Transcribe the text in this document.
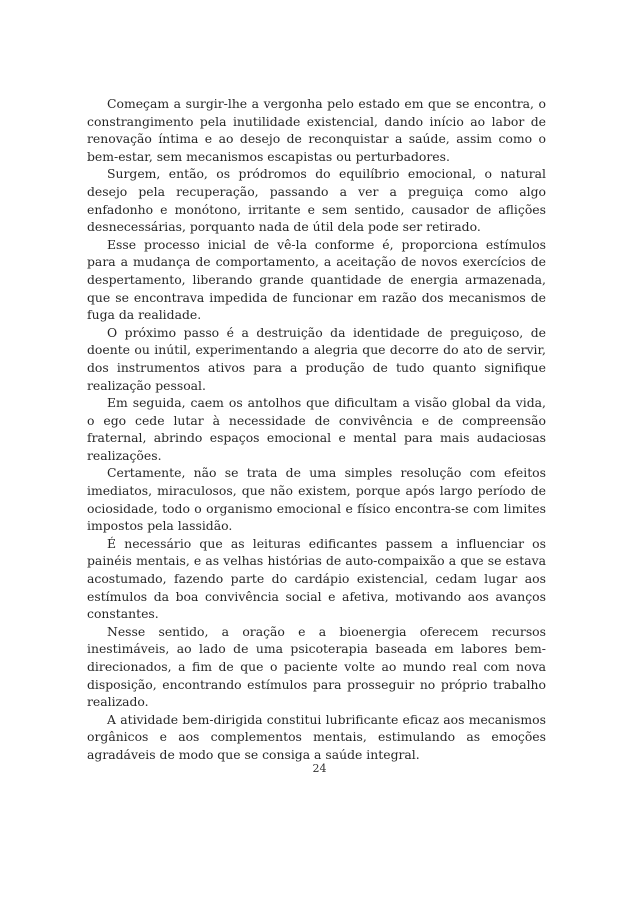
Começam a surgir-lhe a vergonha pelo estado em que se encontra, o constrangimento pela inutilidade existencial, dando início ao labor de renovação íntima e ao desejo de reconquistar a saúde, assim como o bem-estar, sem mecanismos escapistas ou perturbadores.

Surgem, então, os pródromos do equilíbrio emocional, o natural desejo pela recuperação, passando a ver a preguiça como algo enfadonho e monótono, irritante e sem sentido, causador de aflições desnecessárias, porquanto nada de útil dela pode ser retirado.

Esse processo inicial de vê-la conforme é, proporciona estímulos para a mudança de comportamento, a aceitação de novos exercícios de despertamento, liberando grande quantidade de energia armazenada, que se encontrava impedida de funcionar em razão dos mecanismos de fuga da realidade.

O próximo passo é a destruição da identidade de preguiçoso, de doente ou inútil, experimentando a alegria que decorre do ato de servir, dos instrumentos ativos para a produção de tudo quanto signifique realização pessoal.

Em seguida, caem os antolhos que dificultam a visão global da vida, o ego cede lutar à necessidade de convivência e de compreensão fraternal, abrindo espaços emocional e mental para mais audaciosas realizações.

Certamente, não se trata de uma simples resolução com efeitos imediatos, miraculosos, que não existem, porque após largo período de ociosidade, todo o organismo emocional e físico encontra-se com limites impostos pela lassidão.

É necessário que as leituras edificantes passem a influenciar os painéis mentais, e as velhas histórias de auto-compaixão a que se estava acostumado, fazendo parte do cardápio existencial, cedam lugar aos estímulos da boa convivência social e afetiva, motivando aos avanços constantes.

Nesse sentido, a oração e a bioenergia oferecem recursos inestimáveis, ao lado de uma psicoterapia baseada em labores bem-direcionados, a fim de que o paciente volte ao mundo real com nova disposição, encontrando estímulos para prosseguir no próprio trabalho realizado.

A atividade bem-dirigida constitui lubrificante eficaz aos mecanismos orgânicos e aos complementos mentais, estimulando as emoções agradáveis de modo que se consiga a saúde integral.

24
